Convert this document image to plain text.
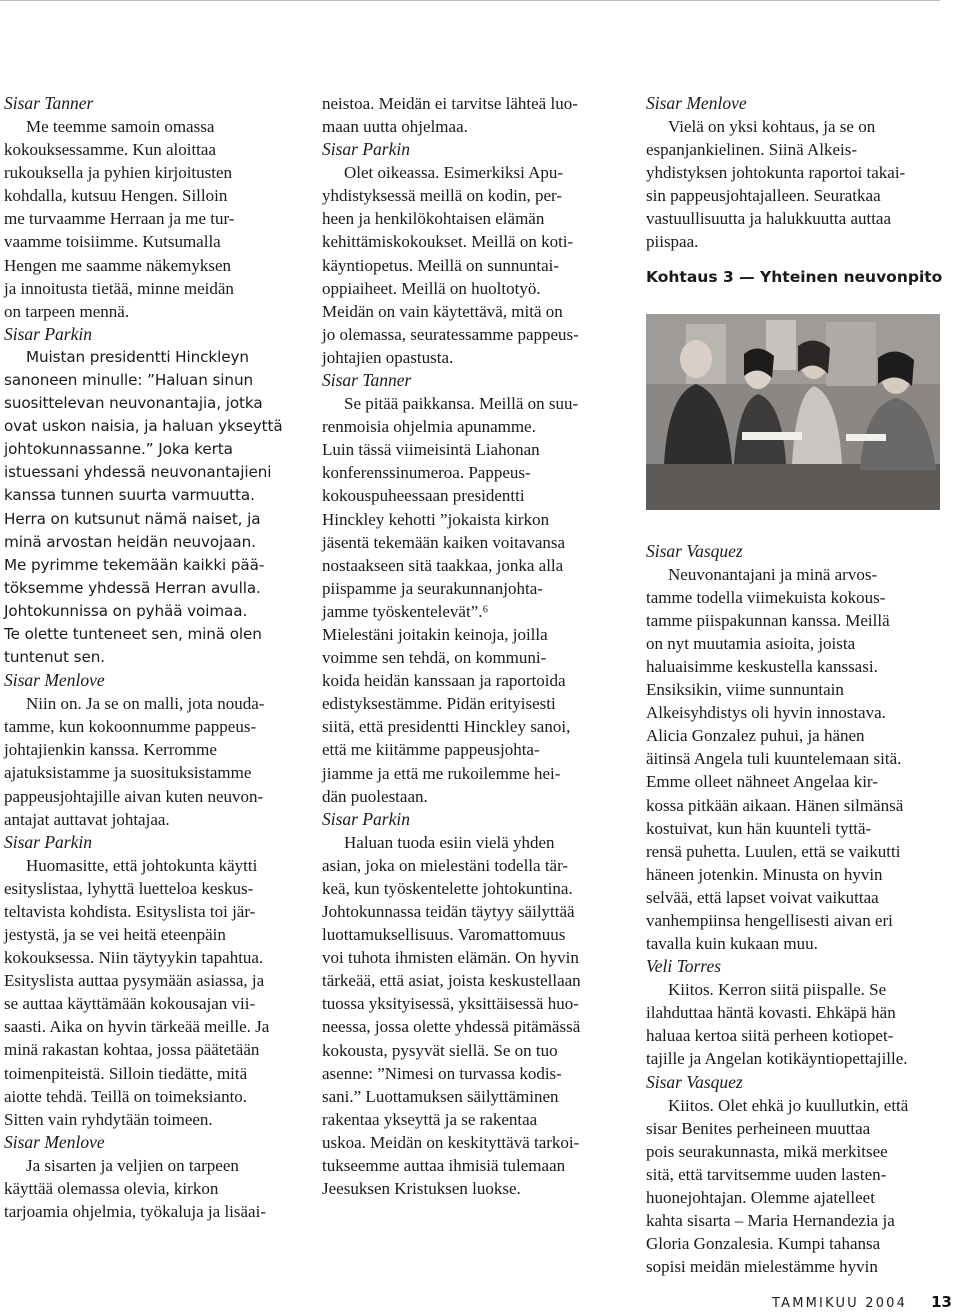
Sisar Tanner

Me teemme samoin omassa
kokouksessamme. Kun aloittaa
rukouksella ja pyhien kirjoitusten
kohdalla, kutsuu Hengen. Silloin
me turvaamme Herraan ja me tur-
vaamme toisiimme. Kutsumalla
Hengen me saamme näkemyksen
ja innoitusta tietää, minne meidän
on tarpeen mennä.

Sisar Parkin

Muistan presidentti Hinckleyn
sanoneen minulle: ”Haluan sinun
suosittelevan neuvonantajia, jotka
ovat uskon naisia, ja haluan ykseyttä
johtokunnassanne.” Joka kerta
istuessani yhdessä neuvonantajieni
kanssa tunnen suurta varmuutta.
Herra on kutsunut nämä naiset, ja
minä arvostan heidän neuvojaan.
Me pyrimme tekemään kaikki pää-
töksemme yhdessä Herran avulla.
Johtokunnissa on pyhää voimaa.
Te olette tunteneet sen, minä olen
tuntenut sen.

Sisar Menlove

Niin on. Ja se on malli, jota nouda-
tamme, kun kokoonnumme pappeus-
johtajienkin kanssa. Kerromme
ajatuksistamme ja suosituksistamme
pappeusjohtajille aivan kuten neuvon-
antajat auttavat johtajaa.

Sisar Parkin

Huomasitte, että johtokunta käytti
esityslistaa, lyhyttä luetteloa keskus-
teltavista kohdista. Esityslista toi jär-
jestystä, ja se vei heitä eteenpäin
kokouksessa. Niin täytyykin tapahtua.
Esityslista auttaa pysymään asiassa, ja
se auttaa käyttämään kokousajan vii-
saasti. Aika on hyvin tärkeää meille. Ja
minä rakastan kohtaa, jossa päätetään
toimenpiteistä. Silloin tiedätte, mitä
aiotte tehdä. Teillä on toimeksianto.
Sitten vain ryhdytään toimeen.

Sisar Menlove

Ja sisarten ja veljien on tarpeen
käyttää olemassa olevia, kirkon
tarjoamia ohjelmia, työkaluja ja lisäai-

neistoa. Meidän ei tarvitse lähteä luo-
maan uutta ohjelmaa.

Sisar Parkin

Olet oikeassa. Esimerkiksi Apu-
yhdistyksessä meillä on kodin, per-
heen ja henkilökohtaisen elämän
kehittämiskokoukset. Meillä on koti-
käyntiopetus. Meillä on sunnuntai-
oppiaiheet. Meillä on huoltotyö.
Meidän on vain käytettävä, mitä on
jo olemassa, seuratessamme pappeus-
johtajien opastusta.

Sisar Tanner

Se pitää paikkansa. Meillä on suu-
renmoisia ohjelmia apunamme.
Luin tässä viimeisintä Liahonan
konferenssinumeroa. Pappeus-
kokouspuheessaan presidentti
Hinckley kehotti ”jokaista kirkon
jäsentä tekemään kaiken voitavansa
nostaakseen sitä taakkaa, jonka alla
piispamme ja seurakunnanjohta-
jamme työskentelevät”.⁶
Mielestäni joitakin keinoja, joilla
voimme sen tehdä, on kommuni-
koida heidän kanssaan ja raportoida
edistyksestämme. Pidän erityisesti
siitä, että presidentti Hinckley sanoi,
että me kiitämme pappeusjohta-
jiamme ja että me rukoilemme hei-
dän puolestaan.

Sisar Parkin

Haluan tuoda esiin vielä yhden
asian, joka on mielestäni todella tär-
keä, kun työskentelette johtokuntina.
Johtokunnassa teidän täytyy säilyttää
luottamuksellisuus. Varomattomuus
voi tuhota ihmisten elämän. On hyvin
tärkeää, että asiat, joista keskustellaan
tuossa yksityisessä, yksittäisessä huo-
neessa, jossa olette yhdessä pitämässä
kokousta, pysyvät siellä. Se on tuo
asenne: ”Nimesi on turvassa kodis-
sani.” Luottamuksen säilyttäminen
rakentaa ykseyttä ja se rakentaa
uskoa. Meidän on keskityttävä tarkoi-
tukseemme auttaa ihmisiä tulemaan
Jeesuksen Kristuksen luokse.

Sisar Menlove

Vielä on yksi kohtaus, ja se on
espanjankielinen. Siinä Alkeis-
yhdistyksen johtokunta raportoi takai-
sin pappeusjohtajalleen. Seuratkaa
vastuullisuutta ja halukkuutta auttaa
piispaa.

Kohtaus 3 — Yhteinen neuvonpito

Sisar Vasquez

Neuvonantajani ja minä arvos-
tamme todella viimekuista kokous-
tamme piispakunnan kanssa. Meillä
on nyt muutamia asioita, joista
haluaisimme keskustella kanssasi.
Ensiksikin, viime sunnuntain
Alkeisyhdistys oli hyvin innostava.
Alicia Gonzalez puhui, ja hänen
äitinsä Angela tuli kuuntelemaan sitä.
Emme olleet nähneet Angelaa kir-
kossa pitkään aikaan. Hänen silmänsä
kostuivat, kun hän kuunteli tyttä-
rensä puhetta. Luulen, että se vaikutti
häneen jotenkin. Minusta on hyvin
selvää, että lapset voivat vaikuttaa
vanhempiinsa hengellisesti aivan eri
tavalla kuin kukaan muu.

Veli Torres

Kiitos. Kerron siitä piispalle. Se
ilahduttaa häntä kovasti. Ehkäpä hän
haluaa kertoa siitä perheen kotiopet-
tajille ja Angelan kotikäyntiopettajille.

Sisar Vasquez

Kiitos. Olet ehkä jo kuullutkin, että
sisar Benites perheineen muuttaa
pois seurakunnasta, mikä merkitsee
sitä, että tarvitsemme uuden lasten-
huonejohtajan. Olemme ajatelleet
kahta sisarta – Maria Hernandezia ja
Gloria Gonzalesia. Kumpi tahansa
sopisi meidän mielestämme hyvin

TAMMIKUU 2004 13
